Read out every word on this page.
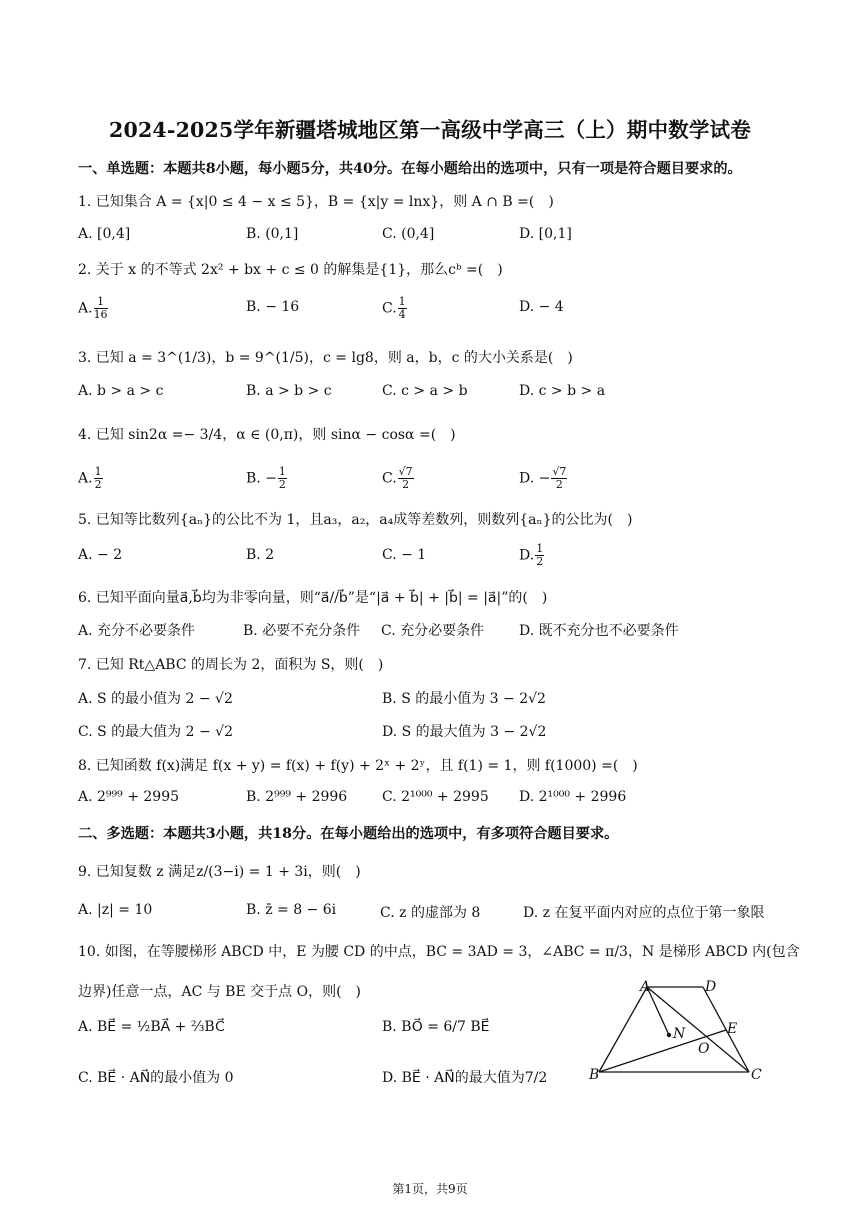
2024-2025学年新疆塔城地区第一高级中学高三（上）期中数学试卷
一、单选题：本题共8小题，每小题5分，共40分。在每小题给出的选项中，只有一项是符合题目要求的。
1. 已知集合 A = {x|0 ≤ 4 − x ≤ 5}，B = {x|y = lnx}，则 A ∩ B =(　)
A. [0,4]	B. (0,1]	C. (0,4]	D. [0,1]
2. 关于 x 的不等式 2x² + bx + c ≤ 0 的解集是{1}，那么cᵇ =(　)
A. $\frac{1}{16}$	B. − 16	C. $\frac{1}{4}$	D. − 4
3. 已知 a = 3^(1/3)，b = 9^(1/5)，c = lg8，则 a，b，c 的大小关系是(　)
A. b > a > c	B. a > b > c	C. c > a > b	D. c > b > a
4. 已知 sin2α =− 3/4，α ∈ (0,π)，则 sinα − cosα =(　)
A. $\frac{1}{2}$	B. − $\frac{1}{2}$	C. $\frac{√7}{2}$	D. − $\frac{√7}{2}$
5. 已知等比数列{aₙ}的公比不为 1，且a₃，a₂，a₄成等差数列，则数列{aₙ}的公比为(　)
A. − 2	B. 2	C. − 1	D. $\frac{1}{2}$
6. 已知平面向量a⃗,b⃗均为非零向量，则“a⃗//b⃗”是“|a⃗ + b⃗| + |b⃗| = |a⃗|”的(　)
A. 充分不必要条件	B. 必要不充分条件 C. 充分必要条件 D. 既不充分也不必要条件
7. 已知 Rt△ABC 的周长为 2，面积为 S，则(　)
A. S 的最小值为 2 − √2	B. S 的最小值为 3 − 2√2
C. S 的最大值为 2 − √2	D. S 的最大值为 3 − 2√2
8. 已知函数 f(x)满足 f(x + y) = f(x) + f(y) + 2ˣ + 2ʸ，且 f(1) = 1，则 f(1000) =(　)
A. 2⁹⁹⁹ + 2995	B. 2⁹⁹⁹ + 2996 C. 2¹⁰⁰⁰ + 2995 D. 2¹⁰⁰⁰ + 2996
二、多选题：本题共3小题，共18分。在每小题给出的选项中，有多项符合题目要求。
9. 已知复数 z 满足z/(3−i) = 1 + 3i，则(　)
A. |z| = 10	B. z̄ = 8 − 6i	C. z 的虚部为 8	D. z 在复平面内对应的点位于第一象限
10. 如图，在等腰梯形 ABCD 中，E 为腰 CD 的中点，BC = 3AD = 3，∠ABC = π/3，N 是梯形 ABCD 内(包含
边界)任意一点，AC 与 BE 交于点 O，则(　)
A. BE⃗ = ½BA⃗ + ⅔BC⃗	B. BO⃗ = 6/7 BE⃗
C. BE⃗ · AN⃗的最小值为 0	D. BE⃗ · AN⃗的最大值为7/2
A	D
N	E
O
B	C
第1页，共9页
